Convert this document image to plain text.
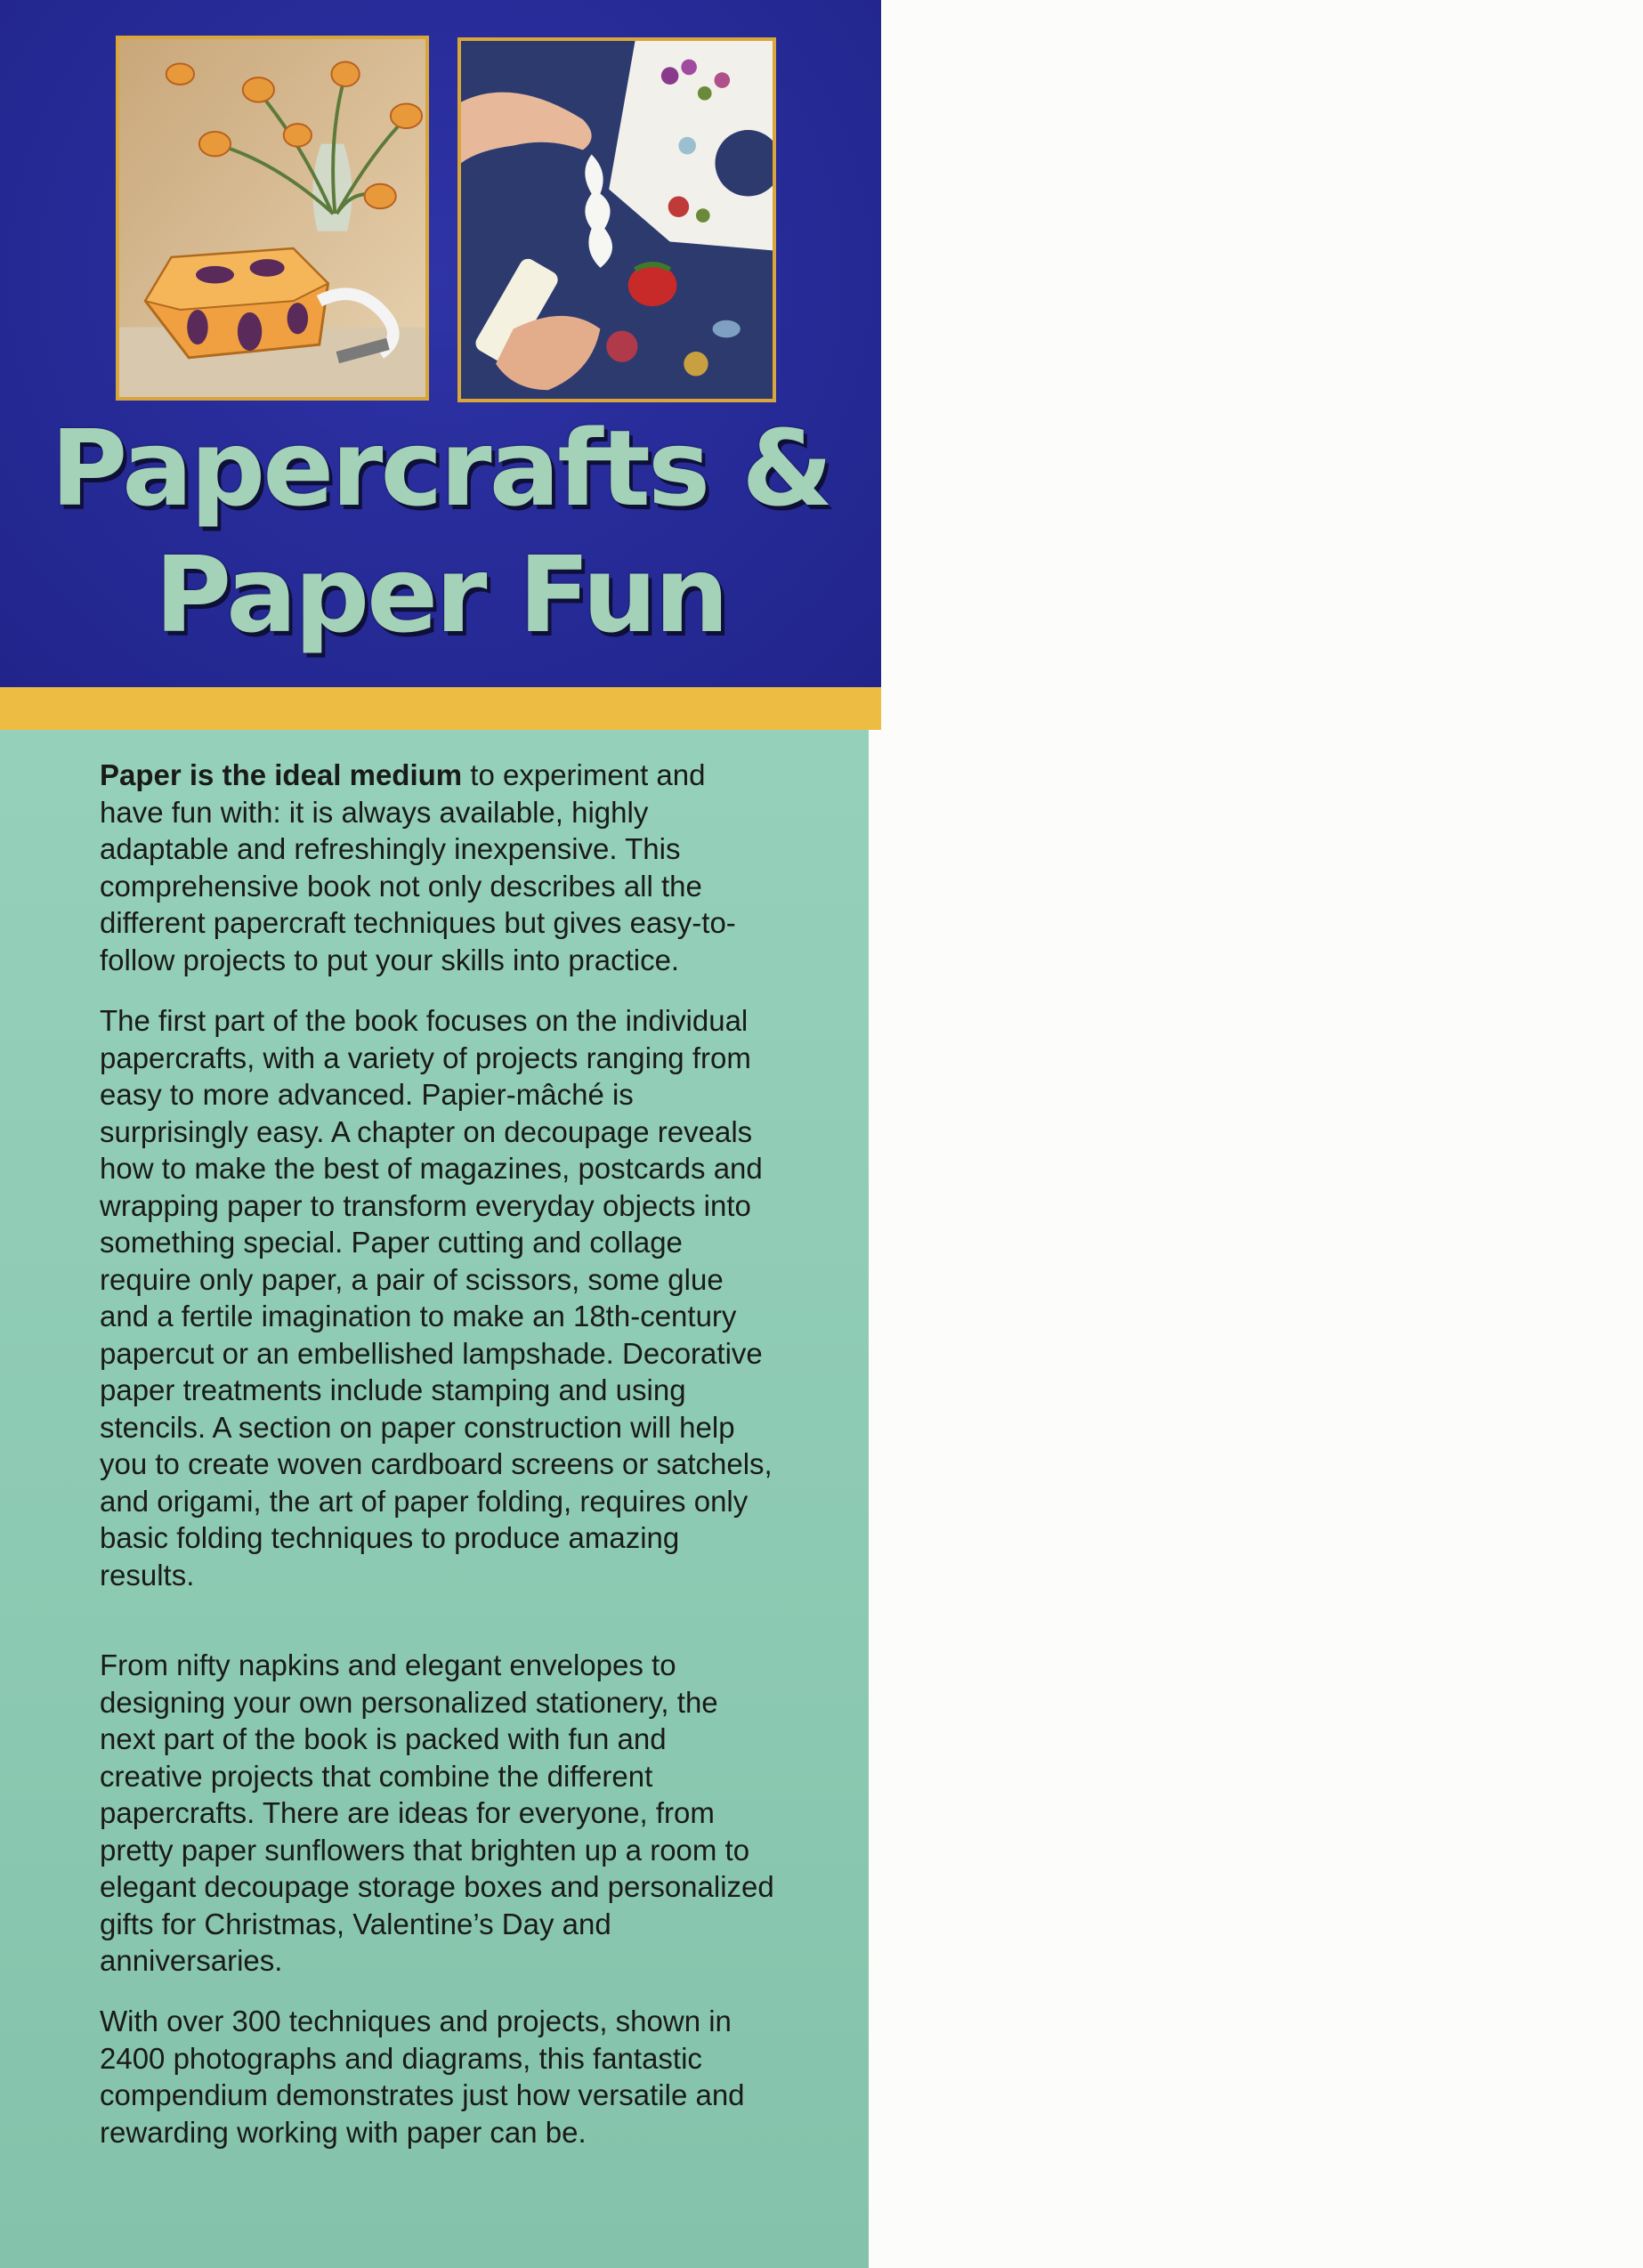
Papercrafts &
Paper Fun

Paper is the ideal medium to experiment and have fun with: it is always available, highly adaptable and refreshingly inexpensive. This comprehensive book not only describes all the different papercraft techniques but gives easy-to-follow projects to put your skills into practice.

The first part of the book focuses on the individual papercrafts, with a variety of projects ranging from easy to more advanced. Papier-mâché is surprisingly easy. A chapter on decoupage reveals how to make the best of magazines, postcards and wrapping paper to transform everyday objects into something special. Paper cutting and collage require only paper, a pair of scissors, some glue and a fertile imagination to make an 18th-century papercut or an embellished lampshade. Decorative paper treatments include stamping and using stencils. A section on paper construction will help you to create woven cardboard screens or satchels, and origami, the art of paper folding, requires only basic folding techniques to produce amazing results.

From nifty napkins and elegant envelopes to designing your own personalized stationery, the next part of the book is packed with fun and creative projects that combine the different papercrafts. There are ideas for everyone, from pretty paper sunflowers that brighten up a room to elegant decoupage storage boxes and personalized gifts for Christmas, Valentine’s Day and anniversaries.

With over 300 techniques and projects, shown in 2400 photographs and diagrams, this fantastic compendium demonstrates just how versatile and rewarding working with paper can be.
